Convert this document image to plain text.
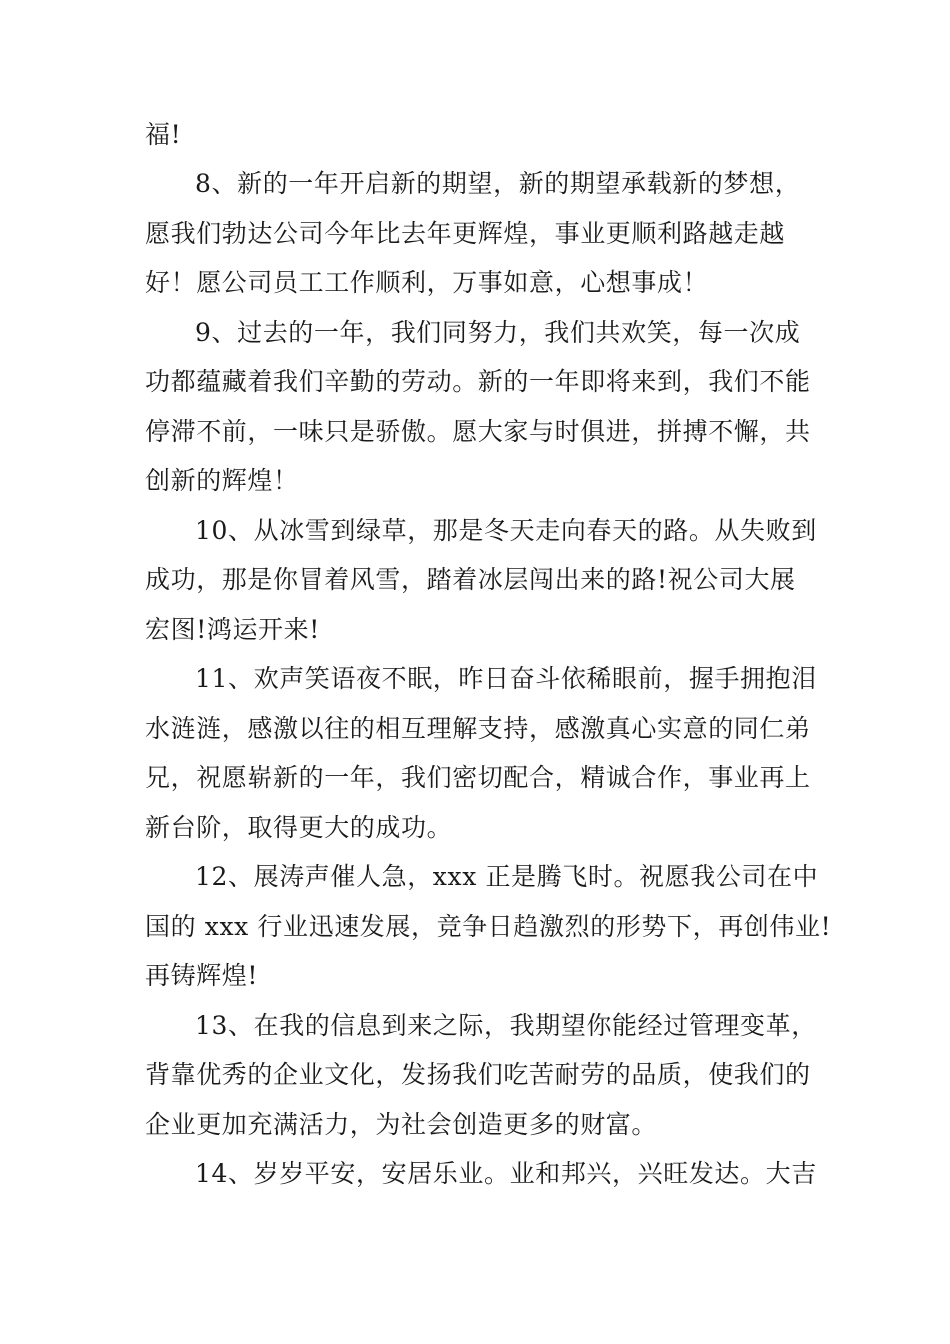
福!
8、新的一年开启新的期望，新的期望承载新的梦想，
愿我们勃达公司今年比去年更辉煌，事业更顺利路越走越
好！愿公司员工工作顺利，万事如意，心想事成！
9、过去的一年，我们同努力，我们共欢笑，每一次成
功都蕴藏着我们辛勤的劳动。新的一年即将来到，我们不能
停滞不前，一味只是骄傲。愿大家与时俱进，拼搏不懈，共
创新的辉煌！
10、从冰雪到绿草，那是冬天走向春天的路。从失败到
成功，那是你冒着风雪，踏着冰层闯出来的路!祝公司大展
宏图!鸿运开来!
11、欢声笑语夜不眠，昨日奋斗依稀眼前，握手拥抱泪
水涟涟，感激以往的相互理解支持，感激真心实意的同仁弟
兄，祝愿崭新的一年，我们密切配合，精诚合作，事业再上
新台阶，取得更大的成功。
12、展涛声催人急，xxx 正是腾飞时。祝愿我公司在中
国的 xxx 行业迅速发展，竞争日趋激烈的形势下，再创伟业!
再铸辉煌!
13、在我的信息到来之际，我期望你能经过管理变革，
背靠优秀的企业文化，发扬我们吃苦耐劳的品质，使我们的
企业更加充满活力，为社会创造更多的财富。
14、岁岁平安，安居乐业。业和邦兴，兴旺发达。大吉
